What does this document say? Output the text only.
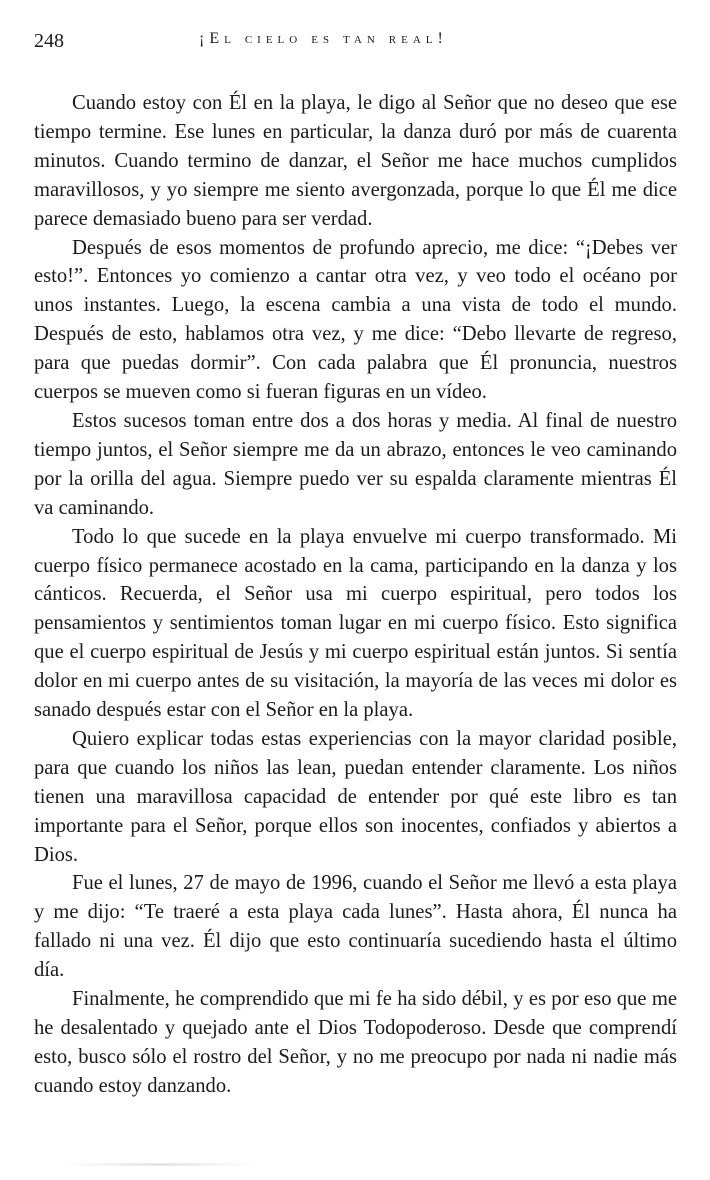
248	¡El cielo es tan real!

Cuando estoy con Él en la playa, le digo al Señor que no deseo que ese tiempo termine. Ese lunes en particular, la danza duró por más de cuarenta minutos. Cuando termino de danzar, el Señor me hace muchos cumplidos maravillosos, y yo siempre me siento avergonzada, porque lo que Él me dice parece demasiado bueno para ser verdad.

Después de esos momentos de profundo aprecio, me dice: “¡Debes ver esto!”. Entonces yo comienzo a cantar otra vez, y veo todo el océano por unos instantes. Luego, la escena cambia a una vista de todo el mundo. Después de esto, hablamos otra vez, y me dice: “Debo llevarte de regreso, para que puedas dormir”. Con cada palabra que Él pronuncia, nuestros cuerpos se mueven como si fueran figuras en un vídeo.

Estos sucesos toman entre dos a dos horas y media. Al final de nuestro tiempo juntos, el Señor siempre me da un abrazo, entonces le veo caminando por la orilla del agua. Siempre puedo ver su espalda claramente mientras Él va caminando.

Todo lo que sucede en la playa envuelve mi cuerpo transformado. Mi cuerpo físico permanece acostado en la cama, participando en la danza y los cánticos. Recuerda, el Señor usa mi cuerpo espiritual, pero todos los pensamientos y sentimientos toman lugar en mi cuerpo físico. Esto significa que el cuerpo espiritual de Jesús y mi cuerpo espiritual están juntos. Si sentía dolor en mi cuerpo antes de su visitación, la mayoría de las veces mi dolor es sanado después estar con el Señor en la playa.

Quiero explicar todas estas experiencias con la mayor claridad posible, para que cuando los niños las lean, puedan entender claramente. Los niños tienen una maravillosa capacidad de entender por qué este libro es tan importante para el Señor, porque ellos son inocentes, confiados y abiertos a Dios.

Fue el lunes, 27 de mayo de 1996, cuando el Señor me llevó a esta playa y me dijo: “Te traeré a esta playa cada lunes”. Hasta ahora, Él nunca ha fallado ni una vez. Él dijo que esto continuaría sucediendo hasta el último día.

Finalmente, he comprendido que mi fe ha sido débil, y es por eso que me he desalentado y quejado ante el Dios Todopoderoso. Desde que comprendí esto, busco sólo el rostro del Señor, y no me preocupo por nada ni nadie más cuando estoy danzando.
